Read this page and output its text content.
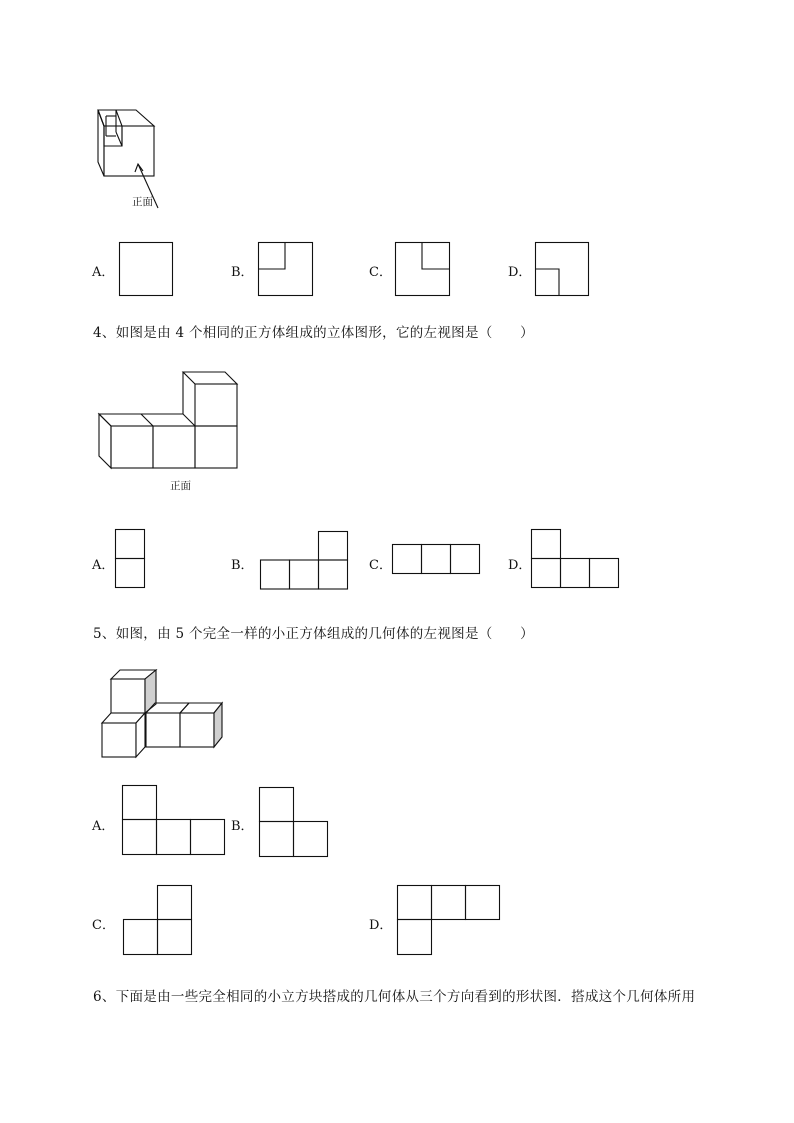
正面
A．	B．	C．	D．
4、如图是由 4 个相同的正方体组成的立体图形，它的左视图是（　　）
正面
A．	B．	C．	D．
5、如图，由 5 个完全一样的小正方体组成的几何体的左视图是（　　）
A．	B．
C．	D．
6、下面是由一些完全相同的小立方块搭成的几何体从三个方向看到的形状图．搭成这个几何体所用
